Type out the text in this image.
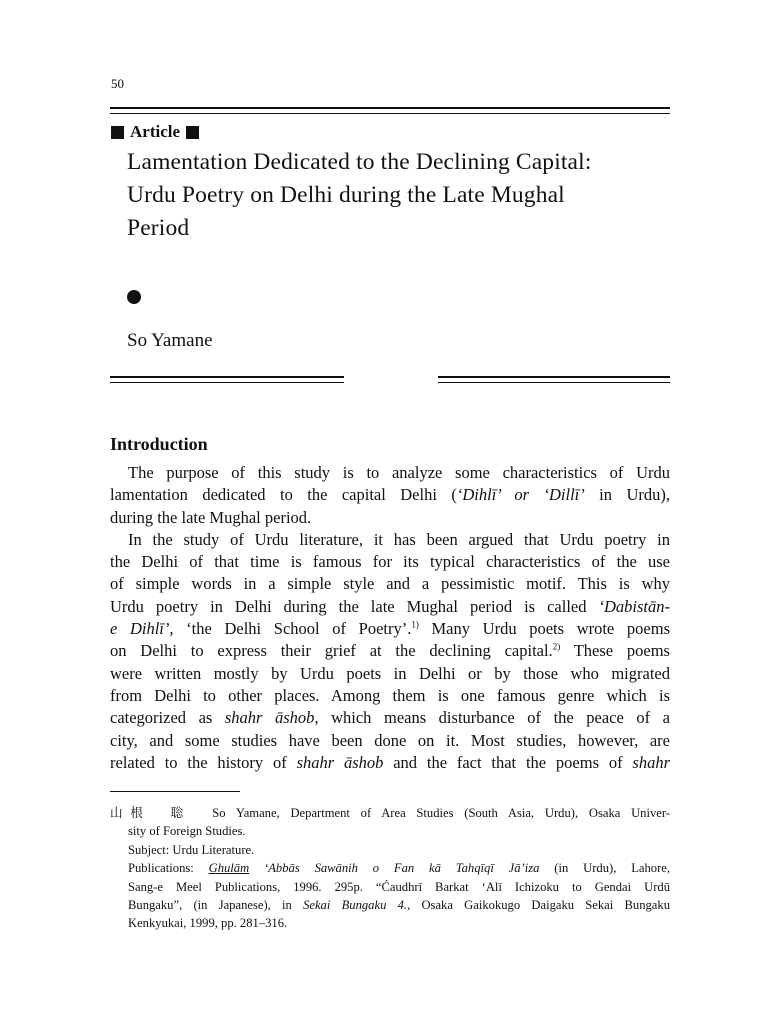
50
Article
Lamentation Dedicated to the Declining Capital:
Urdu Poetry on Delhi during the Late Mughal
Period
So Yamane
Introduction
The purpose of this study is to analyze some characteristics of Urdu
lamentation dedicated to the capital Delhi (‘Dihlī’ or ‘Dillī’ in Urdu),
during the late Mughal period.
In the study of Urdu literature, it has been argued that Urdu poetry in
the Delhi of that time is famous for its typical characteristics of the use
of simple words in a simple style and a pessimistic motif. This is why
Urdu poetry in Delhi during the late Mughal period is called ‘Dabistān-
e Dihlī’, ‘the Delhi School of Poetry’.$^{1)}$ Many Urdu poets wrote poems
on Delhi to express their grief at the declining capital.$^{2)}$ These poems
were written mostly by Urdu poets in Delhi or by those who migrated
from Delhi to other places. Among them is one famous genre which is
categorized as shahr āshob, which means disturbance of the peace of a
city, and some studies have been done on it. Most studies, however, are
related to the history of shahr āshob and the fact that the poems of shahr
山根　聡 So Yamane, Department of Area Studies (South Asia, Urdu), Osaka Univer-
sity of Foreign Studies.
Subject: Urdu Literature.
Publications: Ghulām ‘Abbās Sawānih o Fan kā Tahqīqī Jā’iza (in Urdu), Lahore,
Sang-e Meel Publications, 1996. 295p. “Ćaudhrī Barkat ‘Alī Ichizoku to Gendai Urdū
Bungaku”, (in Japanese), in Sekai Bungaku 4., Osaka Gaikokugo Daigaku Sekai Bungaku
Kenkyukai, 1999, pp. 281–316.
